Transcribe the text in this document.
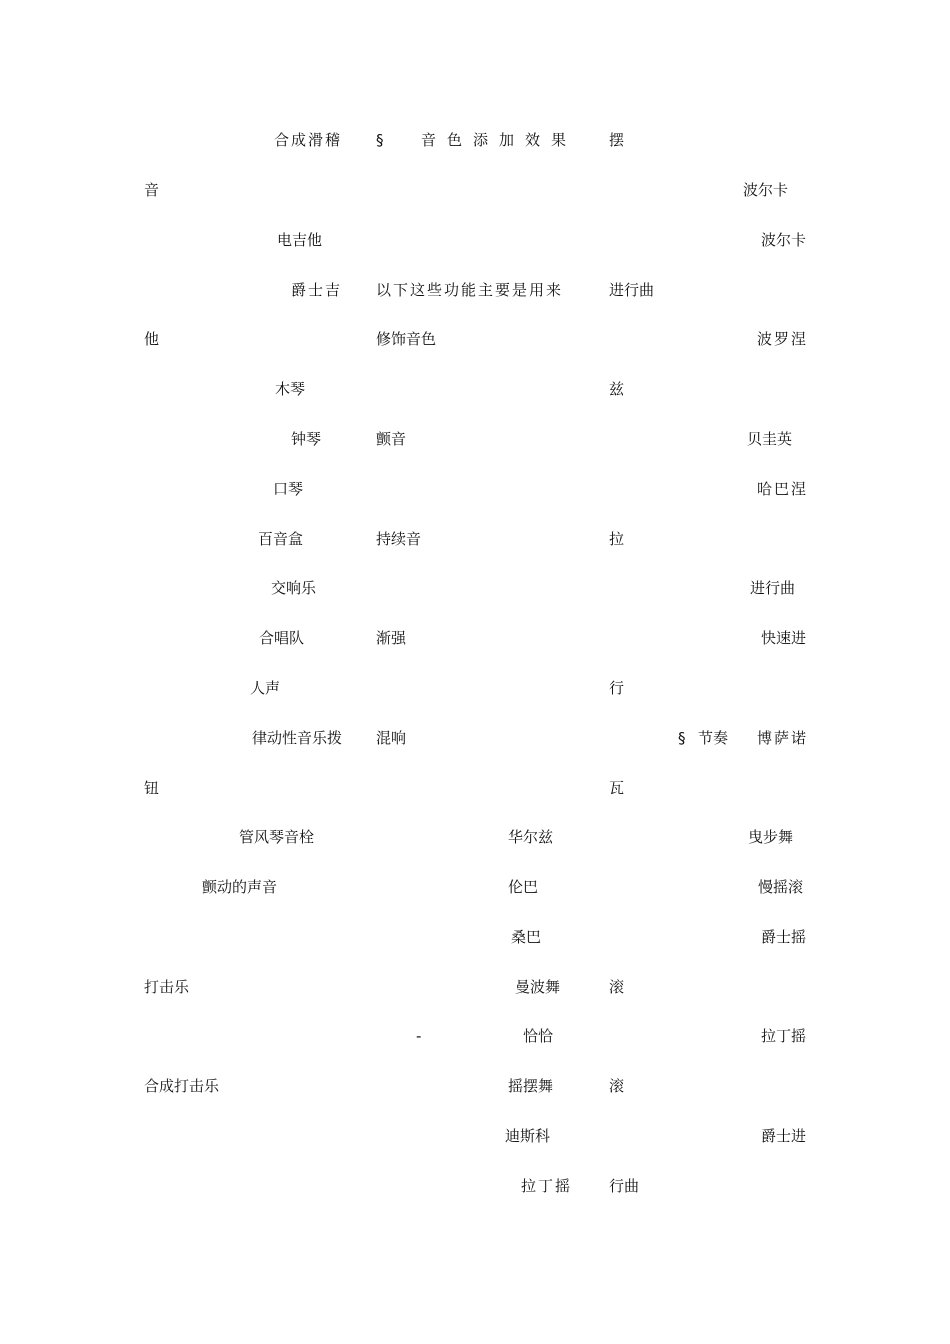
合成滑稽
音
电吉他
爵士吉
他
木琴
钟琴
口琴
百音盒
交响乐
合唱队
人声
律动性音乐拨
钮
管风琴音栓
颤动的声音
打击乐
合成打击乐
§	音色添加效果
以下这些功能主要是用来
修饰音色
颤音
持续音
渐强
混响
-
华尔兹
伦巴
桑巴
曼波舞
恰恰
摇摆舞
迪斯科
拉丁摇
摆
进行曲
兹
拉
行
瓦
滚
滚
行曲
波尔卡
波尔卡
波罗涅
贝圭英
哈巴涅
进行曲
快速进
§ 节奏	博萨诺
曳步舞
慢摇滚
爵士摇
拉丁摇
爵士进
